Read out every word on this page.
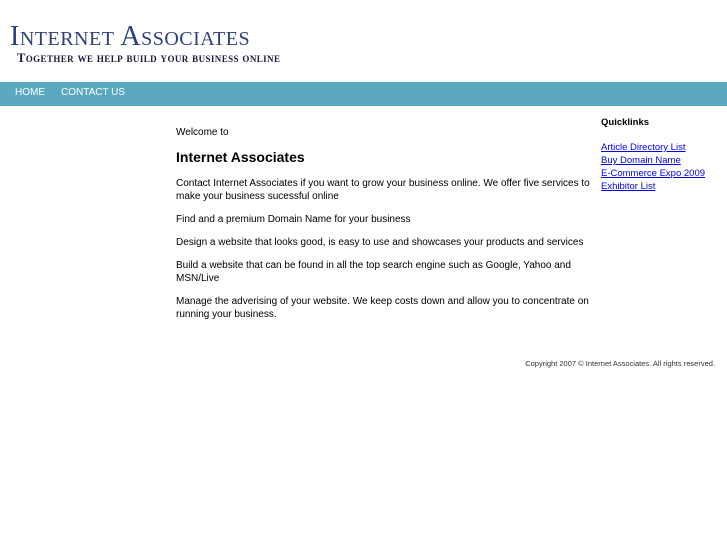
Internet Associates
Together we help build your business online
HOME CONTACT US

Welcome to

Internet Associates

Contact Internet Associates if you want to grow your business online. We offer five services to make your business sucessful online

Find and a premium Domain Name for your business

Design a website that looks good, is easy to use and showcases your products and services

Build a website that can be found in all the top search engine such as Google, Yahoo and MSN/Live

Manage the adverising of your website. We keep costs down and allow you to concentrate on running your business.

Quicklinks
Article Directory List
Buy Domain Name
E-Commerce Expo 2009
Exhibitor List
Copyright 2007 © Internet Associates. All rights reserved.
